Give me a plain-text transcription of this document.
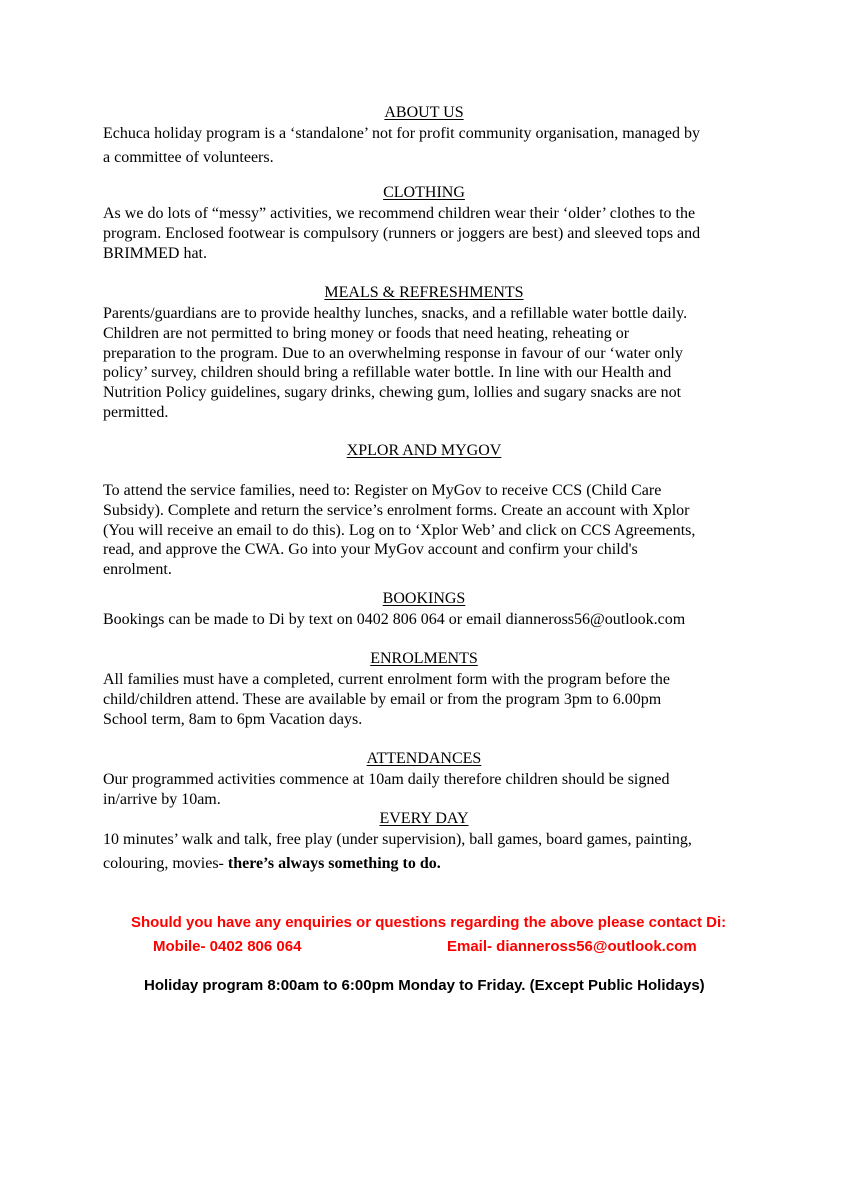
ABOUT US
Echuca holiday program is a ‘standalone’ not for profit community organisation, managed by
a committee of volunteers.
CLOTHING
As we do lots of “messy” activities, we recommend children wear their ‘older’ clothes to the
program. Enclosed footwear is compulsory (runners or joggers are best) and sleeved tops and
BRIMMED hat.
MEALS & REFRESHMENTS
Parents/guardians are to provide healthy lunches, snacks, and a refillable water bottle daily.
Children are not permitted to bring money or foods that need heating, reheating or
preparation to the program. Due to an overwhelming response in favour of our ‘water only
policy’ survey, children should bring a refillable water bottle. In line with our Health and
Nutrition Policy guidelines, sugary drinks, chewing gum, lollies and sugary snacks are not
permitted.
XPLOR AND MYGOV
To attend the service families, need to: Register on MyGov to receive CCS (Child Care
Subsidy). Complete and return the service’s enrolment forms. Create an account with Xplor
(You will receive an email to do this). Log on to ‘Xplor Web’ and click on CCS Agreements,
read, and approve the CWA. Go into your MyGov account and confirm your child's
enrolment.
BOOKINGS
Bookings can be made to Di by text on 0402 806 064 or email dianneross56@outlook.com
ENROLMENTS
All families must have a completed, current enrolment form with the program before the
child/children attend. These are available by email or from the program 3pm to 6.00pm
School term, 8am to 6pm Vacation days.
ATTENDANCES
Our programmed activities commence at 10am daily therefore children should be signed
in/arrive by 10am.
EVERY DAY
10 minutes’ walk and talk, free play (under supervision), ball games, board games, painting,
colouring, movies- there’s always something to do.
Should you have any enquiries or questions regarding the above please contact Di:
Mobile- 0402 806 064	Email- dianneross56@outlook.com
Holiday program 8:00am to 6:00pm Monday to Friday. (Except Public Holidays)
